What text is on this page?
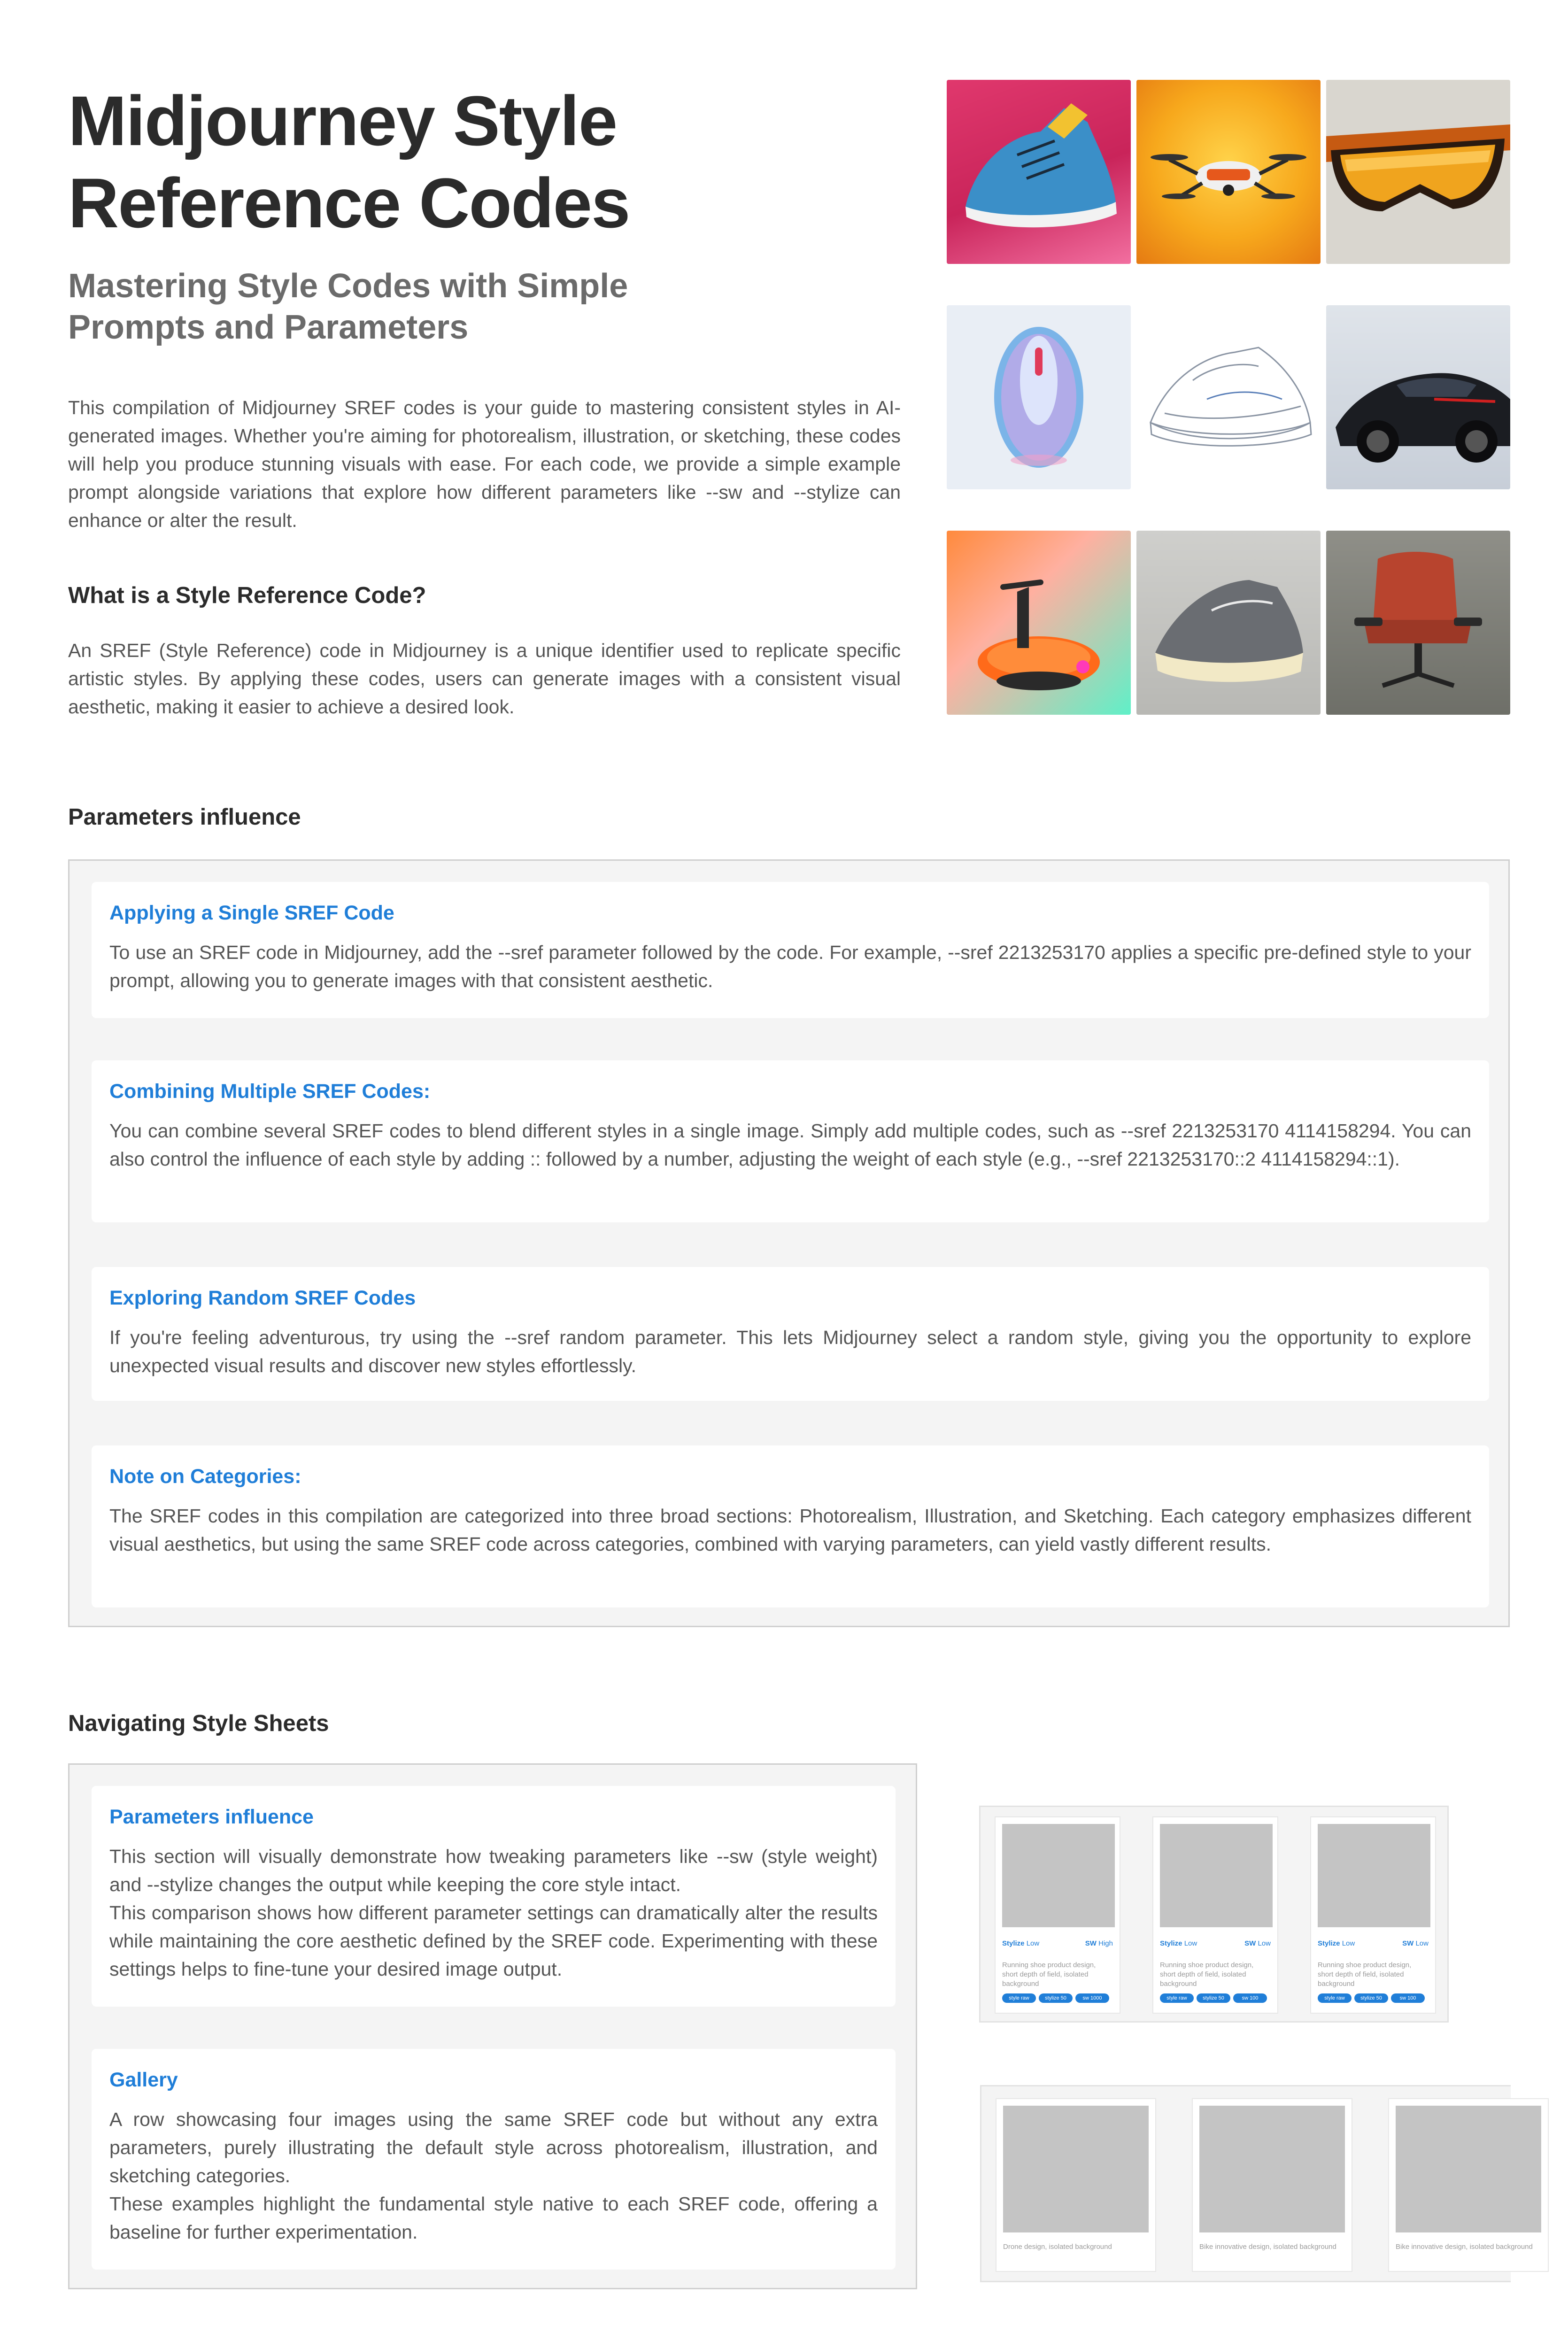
Midjourney Style Reference Codes
Mastering Style Codes with Simple Prompts and Parameters
This compilation of Midjourney SREF codes is your guide to mastering consistent styles in AI-generated images. Whether you're aiming for photorealism, illustration, or sketching, these codes will help you produce stunning visuals with ease. For each code, we provide a simple example prompt alongside variations that explore how different parameters like --sw and --stylize can enhance or alter the result.
What is a Style Reference Code?
An SREF (Style Reference) code in Midjourney is a unique identifier used to replicate specific artistic styles. By applying these codes, users can generate images with a consistent visual aesthetic, making it easier to achieve a desired look.
Parameters influence
Applying a Single SREF Code
To use an SREF code in Midjourney, add the --sref parameter followed by the code. For example, --sref 2213253170 applies a specific pre-defined style to your prompt, allowing you to generate images with that consistent aesthetic.
Combining Multiple SREF Codes:
You can combine several SREF codes to blend different styles in a single image. Simply add multiple codes, such as --sref 2213253170 4114158294. You can also control the influence of each style by adding :: followed by a number, adjusting the weight of each style (e.g., --sref 2213253170::2 4114158294::1).
Exploring Random SREF Codes
If you're feeling adventurous, try using the --sref random parameter. This lets Midjourney select a random style, giving you the opportunity to explore unexpected visual results and discover new styles effortlessly.
Note on Categories:
The SREF codes in this compilation are categorized into three broad sections: Photorealism, Illustration, and Sketching. Each category emphasizes different visual aesthetics, but using the same SREF code across categories, combined with varying parameters, can yield vastly different results.
Navigating Style Sheets
Parameters influence
This section will visually demonstrate how tweaking parameters like --sw (style weight) and --stylize changes the output while keeping the core style intact.
This comparison shows how different parameter settings can dramatically alter the results while maintaining the core aesthetic defined by the SREF code. Experimenting with these settings helps to fine-tune your desired image output.
Gallery
A row showcasing four images using the same SREF code but without any extra parameters, purely illustrating the default style across photorealism, illustration, and sketching categories.
These examples highlight the fundamental style native to each SREF code, offering a baseline for further experimentation.
Stylize Low	SW High
Running shoe product design, short depth of field, isolated background
style raw	stylize 50	sw 1000
Stylize Low	SW Low
Running shoe product design, short depth of field, isolated background
style raw	stylize 50	sw 100
Stylize Low	SW Low
Running shoe product design, short depth of field, isolated background
style raw	stylize 50	sw 100
Drone design, isolated background	Bike innovative design, isolated background	Bike innovative design, isolated background
